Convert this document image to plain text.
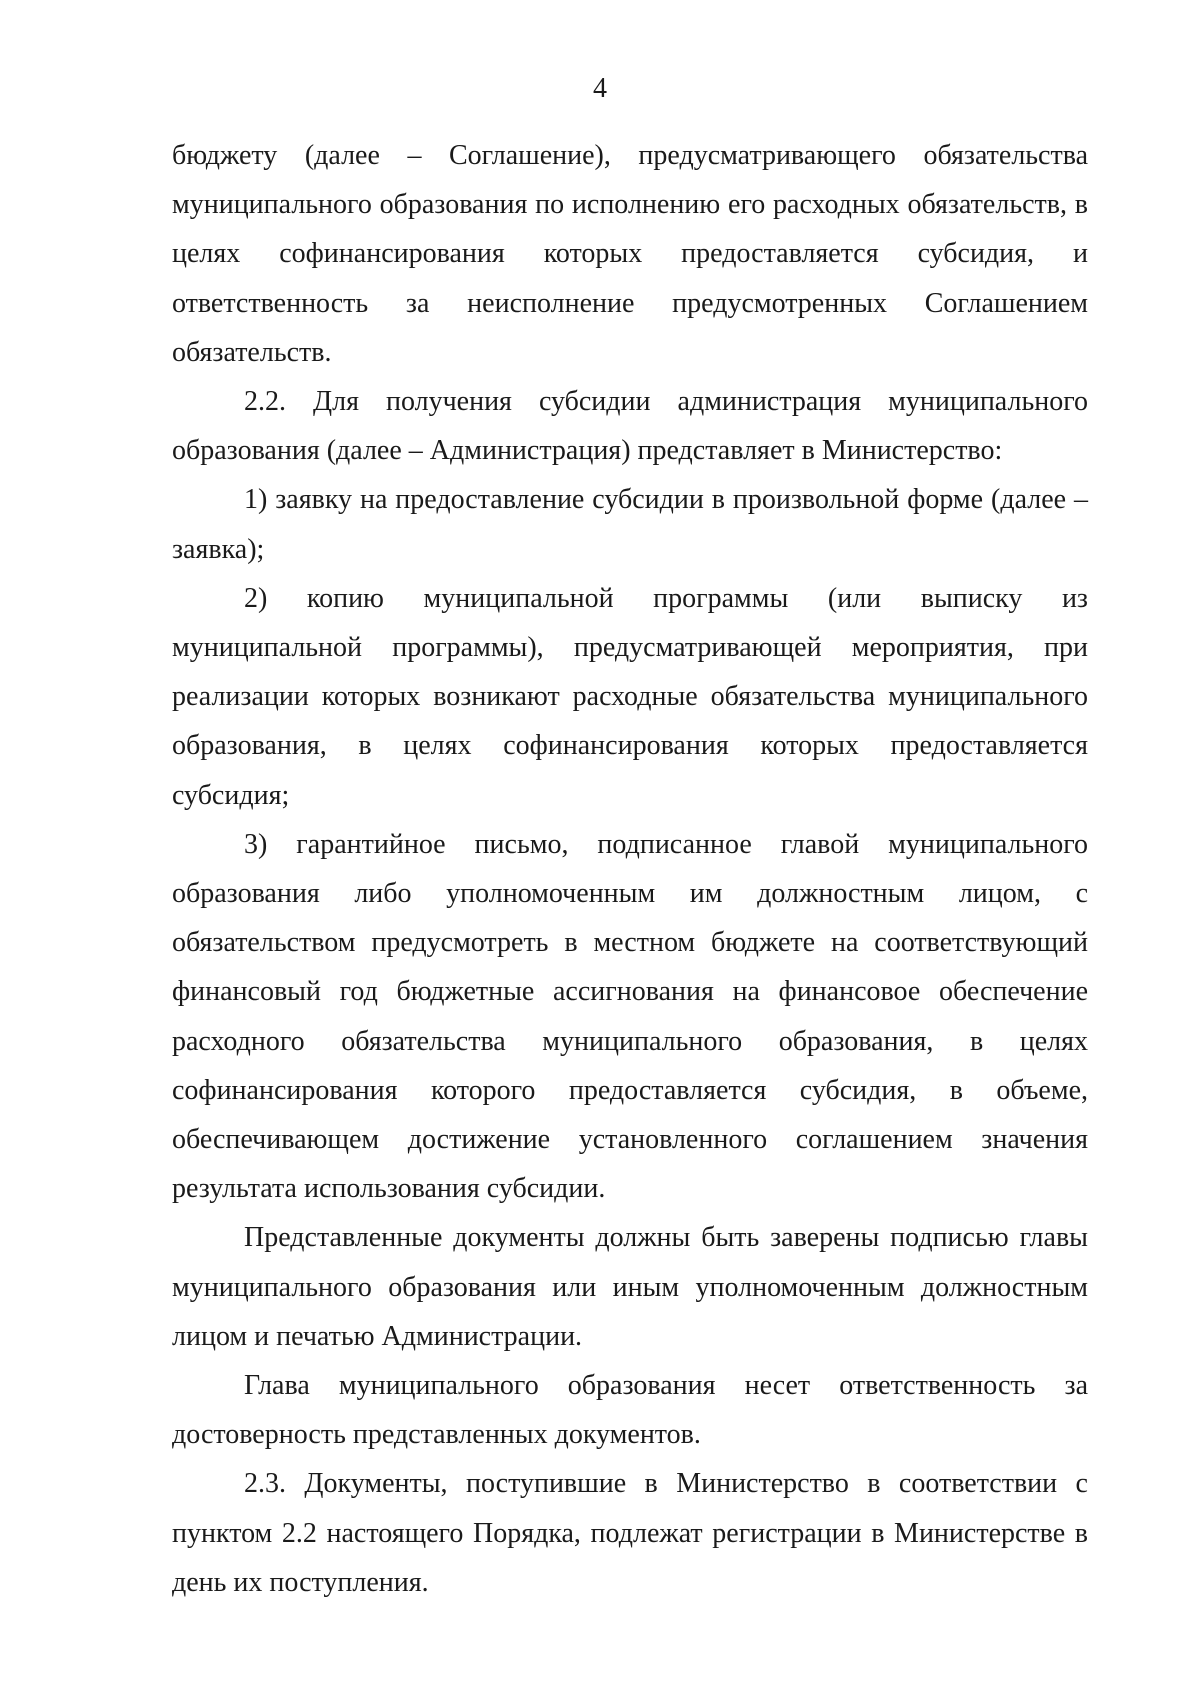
4

бюджету (далее – Соглашение), предусматривающего обязательства муниципального образования по исполнению его расходных обязательств, в целях софинансирования которых предоставляется субсидия, и ответственность за неисполнение предусмотренных Соглашением обязательств.

2.2. Для получения субсидии администрация муниципального образования (далее – Администрация) представляет в Министерство:

1) заявку на предоставление субсидии в произвольной форме (далее – заявка);

2) копию муниципальной программы (или выписку из муниципальной программы), предусматривающей мероприятия, при реализации которых возникают расходные обязательства муниципального образования, в целях софинансирования которых предоставляется субсидия;

3) гарантийное письмо, подписанное главой муниципального образования либо уполномоченным им должностным лицом, с обязательством предусмотреть в местном бюджете на соответствующий финансовый год бюджетные ассигнования на финансовое обеспечение расходного обязательства муниципального образования, в целях софинансирования которого предоставляется субсидия, в объеме, обеспечивающем достижение установленного соглашением значения результата использования субсидии.

Представленные документы должны быть заверены подписью главы муниципального образования или иным уполномоченным должностным лицом и печатью Администрации.

Глава муниципального образования несет ответственность за достоверность представленных документов.

2.3. Документы, поступившие в Министерство в соответствии с пунктом 2.2 настоящего Порядка, подлежат регистрации в Министерстве в день их поступления.
